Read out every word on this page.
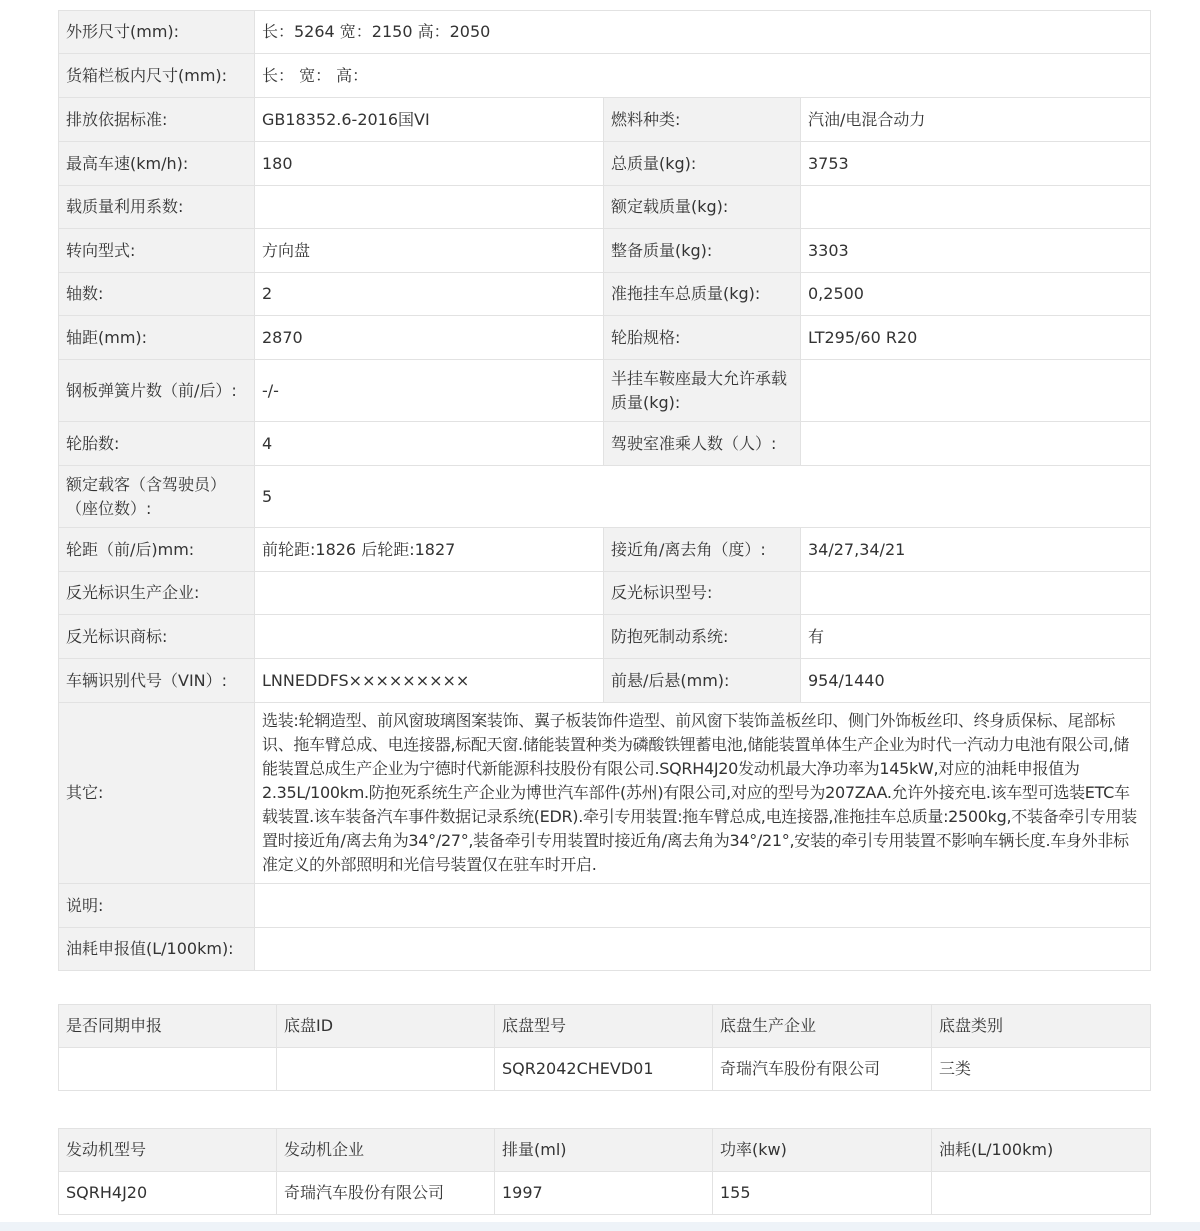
外形尺寸(mm):	长：5264 宽：2150 高：2050		
货箱栏板内尺寸(mm):	长： 宽： 高：		
排放依据标准:	GB18352.6-2016国VI	燃料种类:	汽油/电混合动力
最高车速(km/h):	180	总质量(kg):	3753
载质量利用系数:		额定载质量(kg):	
转向型式:	方向盘	整备质量(kg):	3303
轴数:	2	准拖挂车总质量(kg):	0,2500
轴距(mm):	2870	轮胎规格:	LT295/60 R20
钢板弹簧片数（前/后）:	-/-	半挂车鞍座最大允许承载质量(kg):	
轮胎数:	4	驾驶室准乘人数（人）:	
额定载客（含驾驶员）（座位数）:	5		
轮距（前/后)mm:	前轮距:1826 后轮距:1827	接近角/离去角（度）:	34/27,34/21
反光标识生产企业:		反光标识型号:	
反光标识商标:		防抱死制动系统:	有
车辆识别代号（VIN）:	LNNEDDFS×××××××××	前悬/后悬(mm):	954/1440
其它:	选装:轮辋造型、前风窗玻璃图案装饰、翼子板装饰件造型、前风窗下装饰盖板丝印、侧门外饰板丝印、终身质保标、尾部标识、拖车臂总成、电连接器,标配天窗.储能装置种类为磷酸铁锂蓄电池,储能装置单体生产企业为时代一汽动力电池有限公司,储能装置总成生产企业为宁德时代新能源科技股份有限公司.SQRH4J20发动机最大净功率为145kW,对应的油耗申报值为2.35L/100km.防抱死系统生产企业为博世汽车部件(苏州)有限公司,对应的型号为207ZAA.允许外接充电.该车型可选装ETC车载装置.该车装备汽车事件数据记录系统(EDR).牵引专用装置:拖车臂总成,电连接器,准拖挂车总质量:2500kg,不装备牵引专用装置时接近角/离去角为34°/27°,装备牵引专用装置时接近角/离去角为34°/21°,安装的牵引专用装置不影响车辆长度.车身外非标准定义的外部照明和光信号装置仅在驻车时开启.		
说明:			
油耗申报值(L/100km):			
是否同期申报	底盘ID	底盘型号	底盘生产企业	底盘类别
		SQR2042CHEVD01	奇瑞汽车股份有限公司	三类
发动机型号	发动机企业	排量(ml)	功率(kw)	油耗(L/100km)
SQRH4J20	奇瑞汽车股份有限公司	1997	155	
